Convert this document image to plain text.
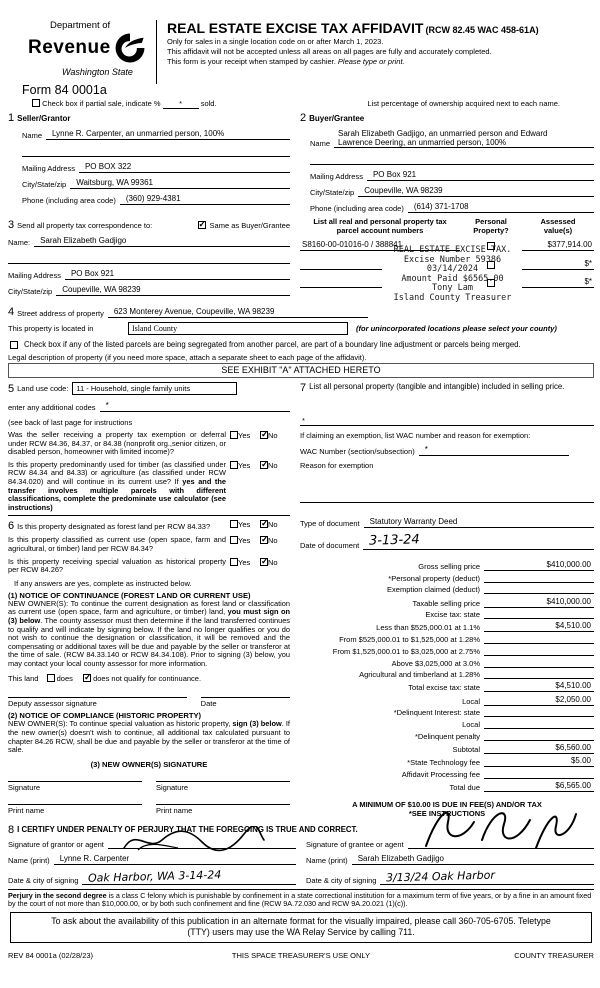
Department of
Revenue
Washington State
Form 84 0001a
REAL ESTATE EXCISE TAX AFFIDAVIT (RCW 82.45 WAC 458-61A)
Only for sales in a single location code on or after March 1, 2023.
This affidavit will not be accepted unless all areas on all pages are fully and accurately completed.
This form is your receipt when stamped by cashier. Please type or print.
Check box if partial sale, indicate % * sold.	List percentage of ownership acquired next to each name.
1 Seller/Grantor
Name	Lynne R. Carpenter, an unmarried person, 100%
Mailing Address	PO BOX 322
City/State/zip	Waitsburg, WA 99361
Phone (including area code)	(360) 929-4381
3 Send all property tax correspondence to: ✓	Same as Buyer/Grantee
Name:	Sarah Elizabeth Gadjigo
Mailing Address	PO Box 921
City/State/zip	Coupeville, WA 98239
2 Buyer/Grantee
Name
Sarah Elizabeth Gadjigo, an unmarried person and Edward
Lawrence Deering, an unmarried person, 100%
Mailing Address	PO Box 921
City/State/zip	Coupeville, WA 98239
Phone (including area code)	(614) 371-1708
List all real and personal property tax
parcel account numbers
Personal
Property?
Assessed
value(s)
S8160-00-01016-0 / 388841	$377,914.00
$*
$*
REAL ESTATE EXCISE TAX.
Excise Number 59386
03/14/2024
Amount Paid $6565.00
Tony Lam
Island County Treasurer
4 Street address of property	623 Monterey Avenue, Coupeville, WA 98239
This property is located in	Island County	(for unincorporated locations please select your county)
Check box if any of the listed parcels are being segregated from another parcel, are part of a boundary line adjustment or parcels being merged.
Legal description of property (if you need more space, attach a separate sheet to each page of the affidavit).
SEE EXHIBIT "A" ATTACHED HERETO
5 Land use code:	11 - Household, single family units
enter any additional codes	*
(see back of last page for instructions
Was the seller receiving a property tax exemption or deferral under RCW 84.36, 84.37, or 84.38 (nonprofit org.,senior citizen, or disabled person, homeowner with limited income)?
Yes ✓	No
Is this property predominantly used for timber (as classified under RCW 84.34 and 84.33) or agriculture (as classified under RCW 84.34.020) and will continue in its current use? If yes and the transfer involves multiple parcels with different classifications, complete the predominate use calculator (see instructions)
Yes ✓	No
6 Is this property designated as forest land per RCW 84.33?	Yes ✓	No
Is this property classified as current use (open space, farm and agricultural, or timber) land per RCW 84.34?
Yes ✓	No
Is this property receiving special valuation as historical property per RCW 84.26?
Yes ✓	No
If any answers are yes, complete as instructed below.
(1) NOTICE OF CONTINUANCE (FOREST LAND OR CURRENT USE)
NEW OWNER(S): To continue the current designation as forest land or classification as current use (open space, farm and agriculture, or timber) land, you must sign on (3) below. The county assessor must then determine if the land transferred continues to qualify and will indicate by signing below. If the land no longer qualifies or you do not wish to continue the designation or classification, it will be removed and the compensating or additional taxes will be due and payable by the seller or transferor at the time of sale. (RCW 84.33.140 or RCW 84.34.108). Prior to signing (3) below, you may contact your local county assessor for more information.
This land does ✓	does not qualify for continuance.
Deputy assessor signature	Date
(2) NOTICE OF COMPLIANCE (HISTORIC PROPERTY)
NEW OWNER(S): To continue special valuation as historic property, sign (3) below. If the new owner(s) doesn't wish to continue, all additional tax calculated pursuant to chapter 84.26 RCW, shall be due and payable by the seller or transferor at the time of sale.
(3) NEW OWNER(S) SIGNATURE
Signature	Signature
Print name	Print name
7 List all personal property (tangible and intangible) included in selling price.
*
If claiming an exemption, list WAC number and reason for exemption:
WAC Number (section/subsection)	*
Reason for exemption
Type of document	Statutory Warranty Deed
Date of document 3-13-24
Gross selling price	$410,000.00
*Personal property (deduct)
Exemption claimed (deduct)
Taxable selling price	$410,000.00
Excise tax: state
Less than $525,000.01 at 1.1%	$4,510.00
From $525,000.01 to $1,525,000 at 1.28%
From $1,525,000.01 to $3,025,000 at 2.75%
Above $3,025,000 at 3.0%
Agricultural and timberland at 1.28%
Total excise tax: state	$4,510.00
Local	$2,050.00
*Delinquent Interest: state
Local
*Delinquent penalty
Subtotal	$6,560.00
*State Technology fee	$5.00
Affidavit Processing fee
Total due	$6,565.00
A MINIMUM OF $10.00 IS DUE IN FEE(S) AND/OR TAX
*SEE INSTRUCTIONS
8 I CERTIFY UNDER PENALTY OF PERJURY THAT THE FOREGOING IS TRUE AND CORRECT.
Signature of grantor or agent
Name (print)	Lynne R. Carpenter
Date & city of signing Oak Harbor, WA 3-14-24
Signature of grantee or agent
Name (print)	Sarah Elizabeth Gadjigo
Date & city of signing 3/13/24 Oak Harbor
Perjury in the second degree is a class C felony which is punishable by confinement in a state correctional institution for a maximum term of five years, or by a fine in an amount fixed by the court of not more than $10,000.00, or by both such confinement and fine (RCW 9A.72.030 and RCW 9A.20.021 (1)(c)).
To ask about the availability of this publication in an alternate format for the visually impaired, please call 360-705-6705. Teletype (TTY) users may use the WA Relay Service by calling 711.
REV 84 0001a (02/28/23)	THIS SPACE TREASURER'S USE ONLY	COUNTY TREASURER
